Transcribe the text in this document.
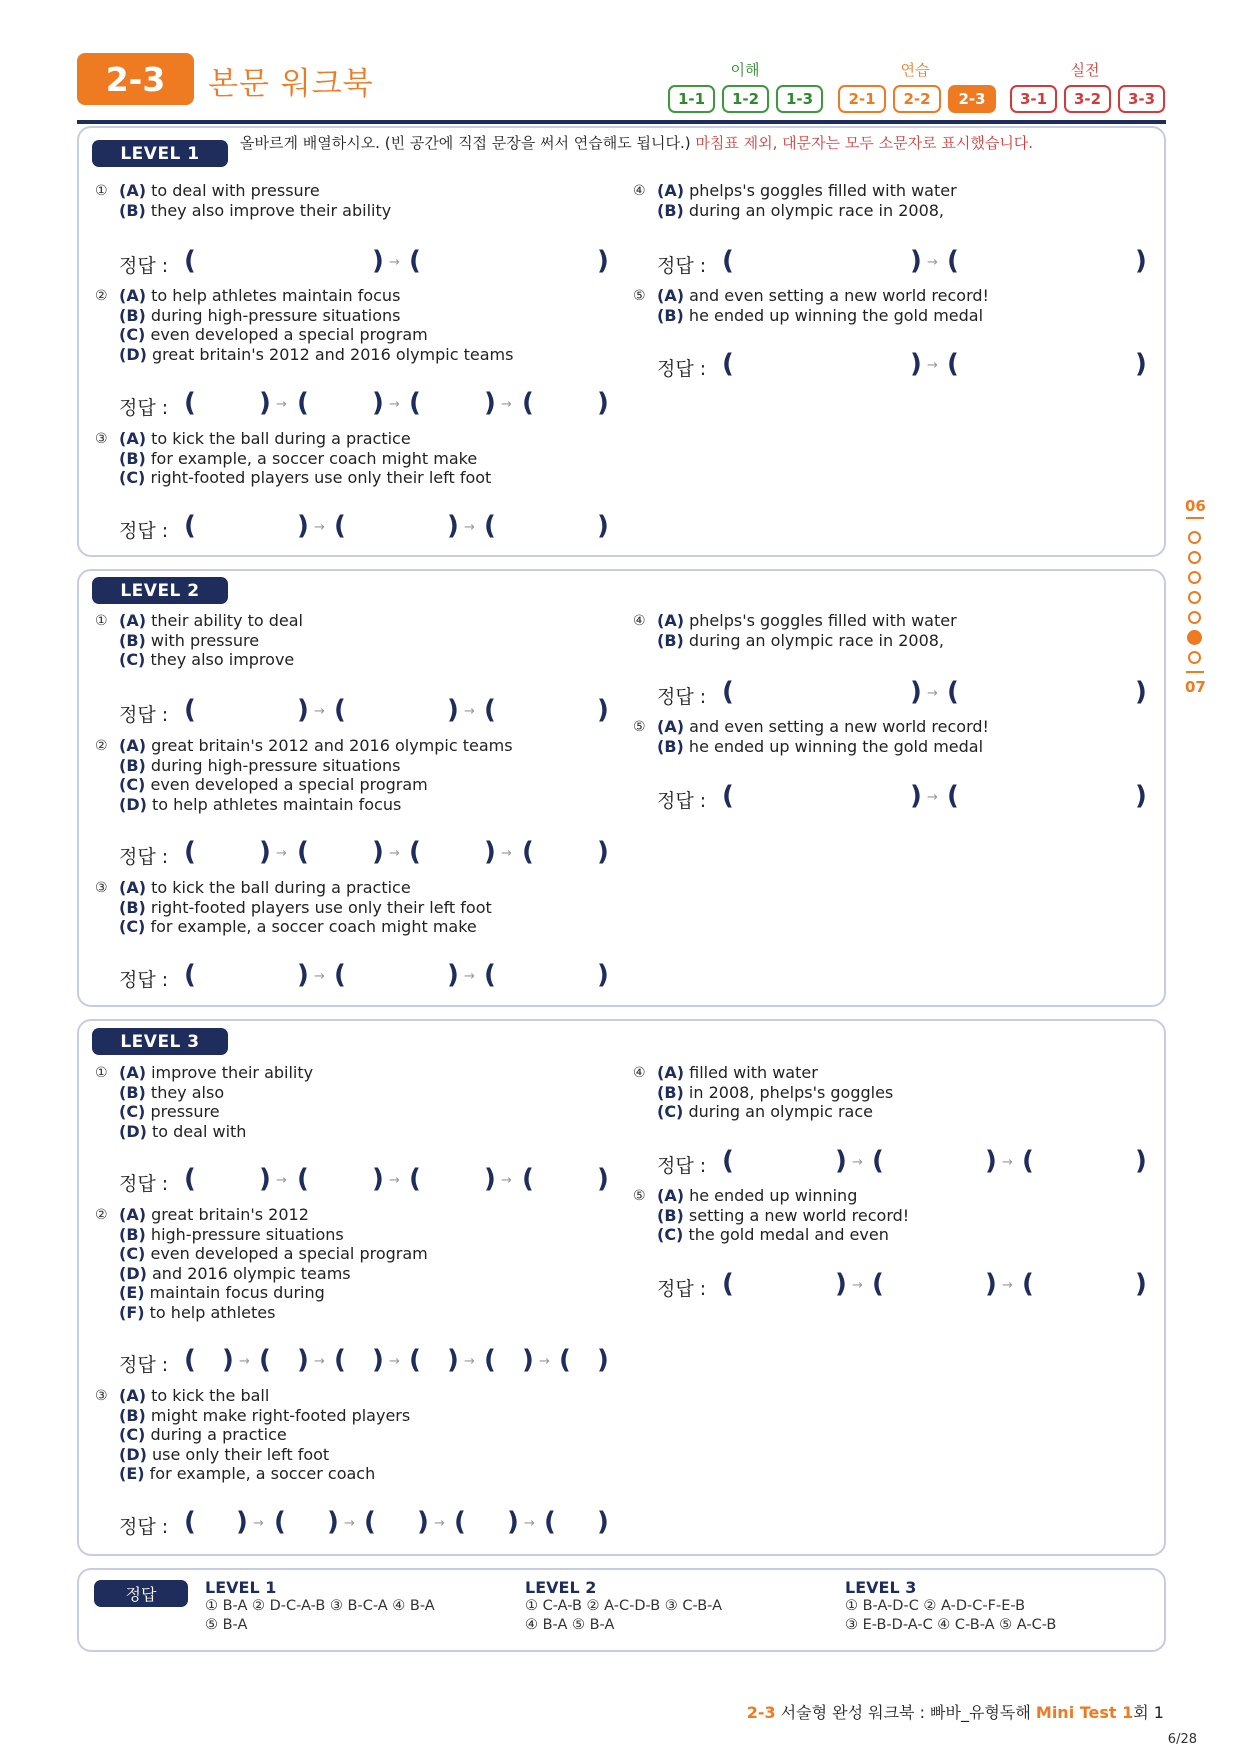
2-3	본문 워크북	이해	연습	실전
1-1	1-2	1-3	2-1	2-2	2-3	3-1	3-2	3-3
06
07
LEVEL 1
올바르게 배열하시오. (빈 공간에 직접 문장을 써서 연습해도 됩니다.) 마침표 제외, 대문자는 모두 소문자로 표시했습니다.
① (A) to deal with pressure
(B) they also improve their ability
정답 : (	) → (	)
② (A) to help athletes maintain focus
(B) during high-pressure situations
(C) even developed a special program
(D) great britain's 2012 and 2016 olympic teams
정답 : ( ) → ( ) → ( ) → ( )
③ (A) to kick the ball during a practice
(B) for example, a soccer coach might make
(C) right-footed players use only their left foot
정답 : (	) → (	) → (	)
④ (A) phelps's goggles filled with water
(B) during an olympic race in 2008,
정답 : (	) → (	)
⑤ (A) and even setting a new world record!
(B) he ended up winning the gold medal
정답 : (	) → (	)
LEVEL 2
① (A) their ability to deal
(B) with pressure
(C) they also improve
정답 : (	) → (	) → (	)
② (A) great britain's 2012 and 2016 olympic teams
(B) during high-pressure situations
(C) even developed a special program
(D) to help athletes maintain focus
정답 : ( ) → ( ) → ( ) → ( )
③ (A) to kick the ball during a practice
(B) right-footed players use only their left foot
(C) for example, a soccer coach might make
정답 : (	) → (	) → (	)
④ (A) phelps's goggles filled with water
(B) during an olympic race in 2008,
정답 : (	) → (	)
⑤ (A) and even setting a new world record!
(B) he ended up winning the gold medal
정답 : (	) → (	)
LEVEL 3
① (A) improve their ability
(B) they also
(C) pressure
(D) to deal with
정답 : ( ) → ( ) → ( ) → ( )
② (A) great britain's 2012
(B) high-pressure situations
(C) even developed a special program
(D) and 2016 olympic teams
(E) maintain focus during
(F) to help athletes
정답 : ( ) → ( ) → ( ) → ( ) → ( ) → ( )
③ (A) to kick the ball
(B) might make right-footed players
(C) during a practice
(D) use only their left foot
(E) for example, a soccer coach
정답 : ( ) → ( ) → ( ) → ( ) → ( )
④ (A) filled with water
(B) in 2008, phelps's goggles
(C) during an olympic race
정답 : (	) → (	) → (	)
⑤ (A) he ended up winning
(B) setting a new world record!
(C) the gold medal and even
정답 : (	) → (	) → (	)
정답	LEVEL 1
① B-A ② D-C-A-B ③ B-C-A ④ B-A
⑤ B-A
LEVEL 2
① C-A-B ② A-C-D-B ③ C-B-A
④ B-A ⑤ B-A
LEVEL 3
① B-A-D-C ② A-D-C-F-E-B
③ E-B-D-A-C ④ C-B-A ⑤ A-C-B
2-3 서술형 완성 워크북 : 빠바_유형독해 Mini Test 1회 1
6/28
